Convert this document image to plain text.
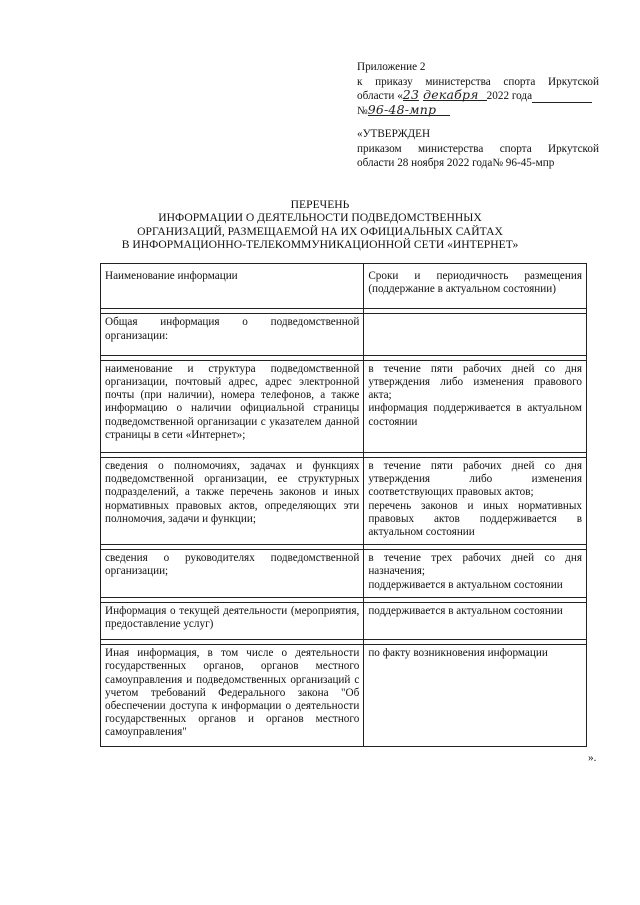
Приложение 2
к приказу министерства спорта Иркутской
области «23 декабря 2022 года
№96-48-мпр
«УТВЕРЖДЕН
приказом министерства спорта Иркутской
области 28 ноября 2022 года№ 96-45-мпр
ПЕРЕЧЕНЬ
ИНФОРМАЦИИ О ДЕЯТЕЛЬНОСТИ ПОДВЕДОМСТВЕННЫХ
ОРГАНИЗАЦИЙ, РАЗМЕЩАЕМОЙ НА ИХ ОФИЦИАЛЬНЫХ САЙТАХ
В ИНФОРМАЦИОННО-ТЕЛЕКОММУНИКАЦИОННОЙ СЕТИ «ИНТЕРНЕТ»
Наименование информации	Сроки и периодичность размещения (поддержание в актуальном состоянии)

Общая информация о подведомственной организации:	

наименование и структура подведомственной организации, почтовый адрес, адрес электронной почты (при наличии), номера телефонов, а также информацию о наличии официальной страницы подведомственной организации с указателем данной страницы в сети «Интернет»;	в течение пяти рабочих дней со дня утверждения либо изменения правового акта;
информация поддерживается в актуальном состоянии

сведения о полномочиях, задачах и функциях подведомственной организации, ее структурных подразделений, а также перечень законов и иных нормативных правовых актов, определяющих эти полномочия, задачи и функции;	в течение пяти рабочих дней со дня утверждения либо изменения соответствующих правовых актов;
перечень законов и иных нормативных правовых актов поддерживается в актуальном состоянии

сведения о руководителях подведомственной организации;	в течение трех рабочих дней со дня назначения;
поддерживается в актуальном состоянии

Информация о текущей деятельности (мероприятия, предоставление услуг)	поддерживается в актуальном состоянии

Иная информация, в том числе о деятельности государственных органов, органов местного самоуправления и подведомственных организаций с учетом требований Федерального закона "Об обеспечении доступа к информации о деятельности государственных органов и органов местного самоуправления"	по факту возникновения информации
».
